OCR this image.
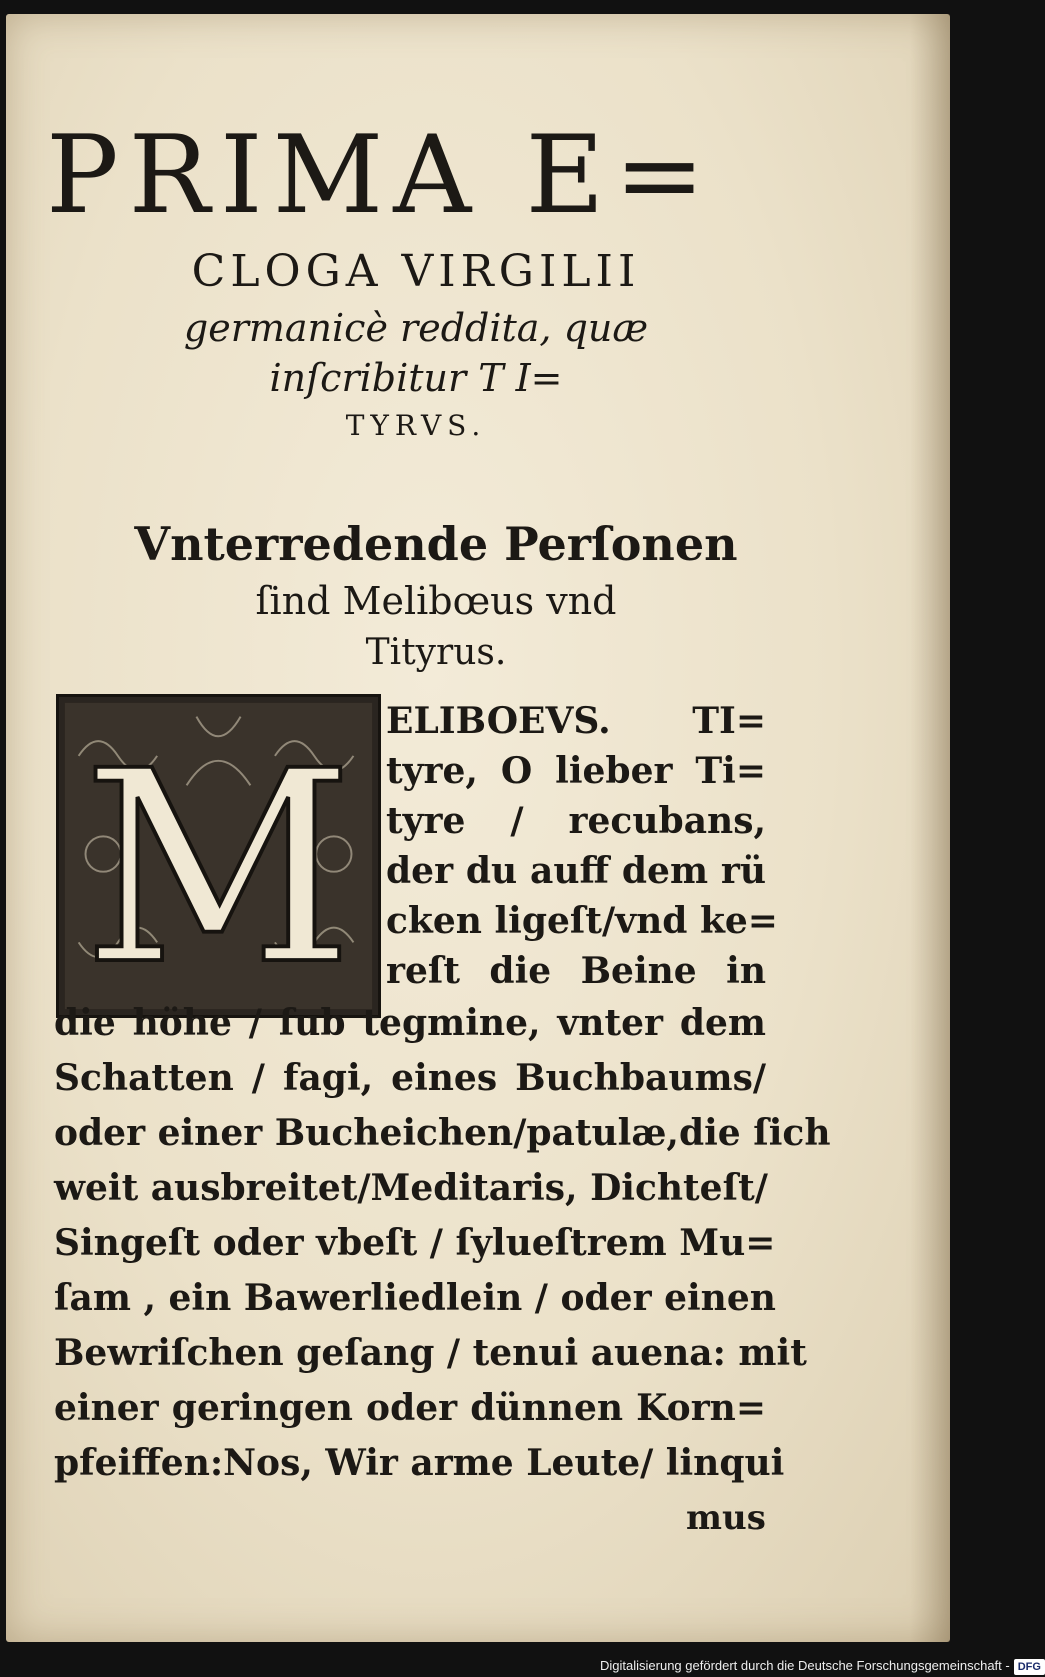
PRIMA E=
CLOGA VIRGILII
germanicè reddita, quæ
inſcribitur T I=
TYRVS.
Vnterredende Perſonen
ſind Melibœus vnd
Tityrus.
M ELIBOEVS. TI=
tyre, O lieber Ti=
tyre / recubans,
der du auff dem rü
cken ligeſt/vnd ke=
reſt die Beine in
die höhe / ſub tegmine, vnter dem
Schatten / fagi, eines Buchbaums/
oder einer Bucheichen/patulæ,die ſich
weit ausbreitet/Meditaris, Dichteſt/
Singeſt oder vbeſt / ſylueſtrem Mu=
ſam , ein Bawerliedlein / oder einen
Bewriſchen geſang / tenui auena: mit
einer geringen oder dünnen Korn=
pfeiffen:Nos, Wir arme Leute/ linqui
mus
Digitalisierung gefördert durch die Deutsche Forschungsgemeinschaft - DFG
